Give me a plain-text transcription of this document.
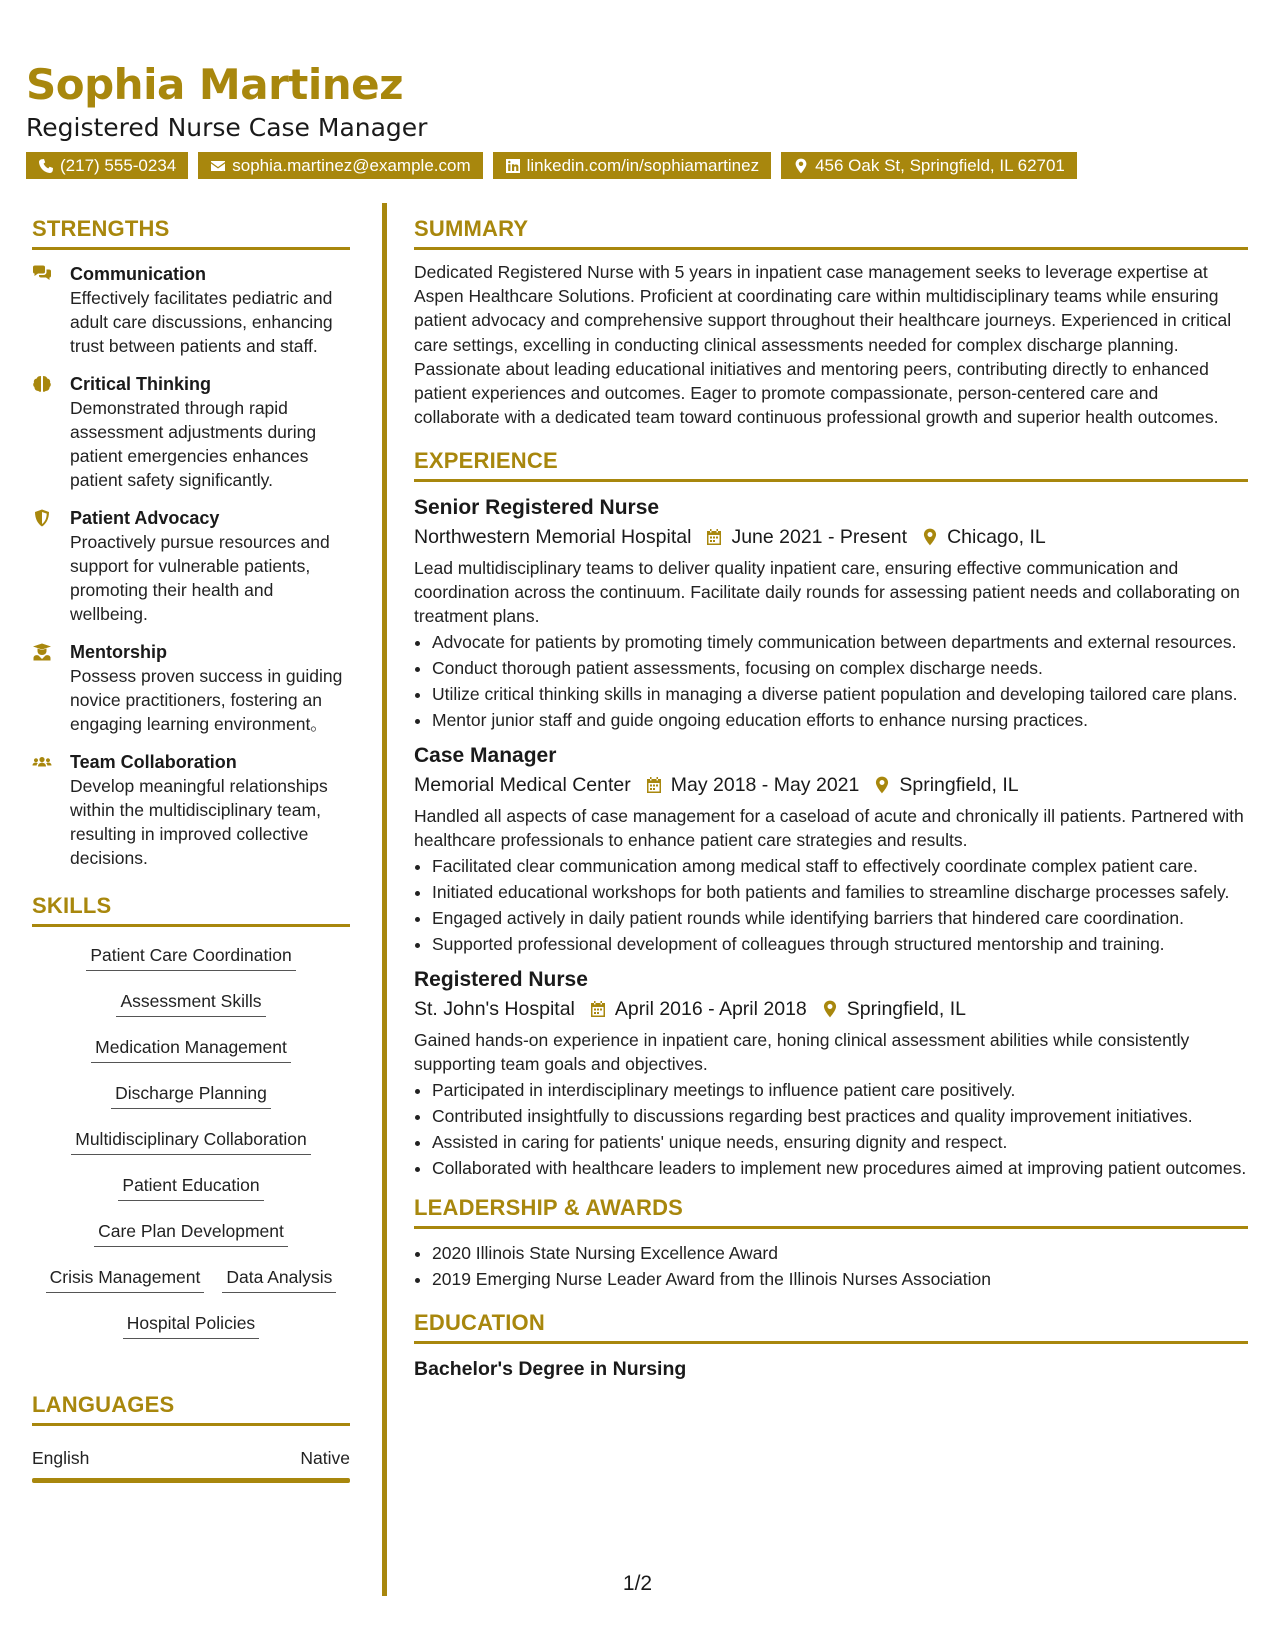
Sophia Martinez
Registered Nurse Case Manager
(217) 555-0234	sophia.martinez@example.com	linkedin.com/in/sophiamartinez	456 Oak St, Springfield, IL 62701
STRENGTHS
Communication
Effectively facilitates pediatric and adult care discussions, enhancing trust between patients and staff.
Critical Thinking
Demonstrated through rapid assessment adjustments during patient emergencies enhances patient safety significantly.
Patient Advocacy
Proactively pursue resources and support for vulnerable patients, promoting their health and wellbeing.
Mentorship
Possess proven success in guiding novice practitioners, fostering an engaging learning environment。
Team Collaboration
Develop meaningful relationships within the multidisciplinary team, resulting in improved collective decisions.
SKILLS
Patient Care Coordination
Assessment Skills
Medication Management
Discharge Planning
Multidisciplinary Collaboration
Patient Education
Care Plan Development
Crisis Management Data Analysis
Hospital Policies
LANGUAGES
English	Native
SUMMARY
Dedicated Registered Nurse with 5 years in inpatient case management seeks to leverage expertise at Aspen Healthcare Solutions. Proficient at coordinating care within multidisciplinary teams while ensuring patient advocacy and comprehensive support throughout their healthcare journeys. Experienced in critical care settings, excelling in conducting clinical assessments needed for complex discharge planning. Passionate about leading educational initiatives and mentoring peers, contributing directly to enhanced patient experiences and outcomes. Eager to promote compassionate, person-centered care and collaborate with a dedicated team toward continuous professional growth and superior health outcomes.
EXPERIENCE
Senior Registered Nurse
Northwestern Memorial Hospital June 2021 - Present Chicago, IL
Lead multidisciplinary teams to deliver quality inpatient care, ensuring effective communication and coordination across the continuum. Facilitate daily rounds for assessing patient needs and collaborating on treatment plans.
• Advocate for patients by promoting timely communication between departments and external resources.
• Conduct thorough patient assessments, focusing on complex discharge needs.
• Utilize critical thinking skills in managing a diverse patient population and developing tailored care plans.
• Mentor junior staff and guide ongoing education efforts to enhance nursing practices.
Case Manager
Memorial Medical Center May 2018 - May 2021 Springfield, IL
Handled all aspects of case management for a caseload of acute and chronically ill patients. Partnered with healthcare professionals to enhance patient care strategies and results.
• Facilitated clear communication among medical staff to effectively coordinate complex patient care.
• Initiated educational workshops for both patients and families to streamline discharge processes safely.
• Engaged actively in daily patient rounds while identifying barriers that hindered care coordination.
• Supported professional development of colleagues through structured mentorship and training.
Registered Nurse
St. John's Hospital April 2016 - April 2018 Springfield, IL
Gained hands-on experience in inpatient care, honing clinical assessment abilities while consistently supporting team goals and objectives.
• Participated in interdisciplinary meetings to influence patient care positively.
• Contributed insightfully to discussions regarding best practices and quality improvement initiatives.
• Assisted in caring for patients' unique needs, ensuring dignity and respect.
• Collaborated with healthcare leaders to implement new procedures aimed at improving patient outcomes.
LEADERSHIP & AWARDS
• 2020 Illinois State Nursing Excellence Award
• 2019 Emerging Nurse Leader Award from the Illinois Nurses Association
EDUCATION
Bachelor's Degree in Nursing
1/2
